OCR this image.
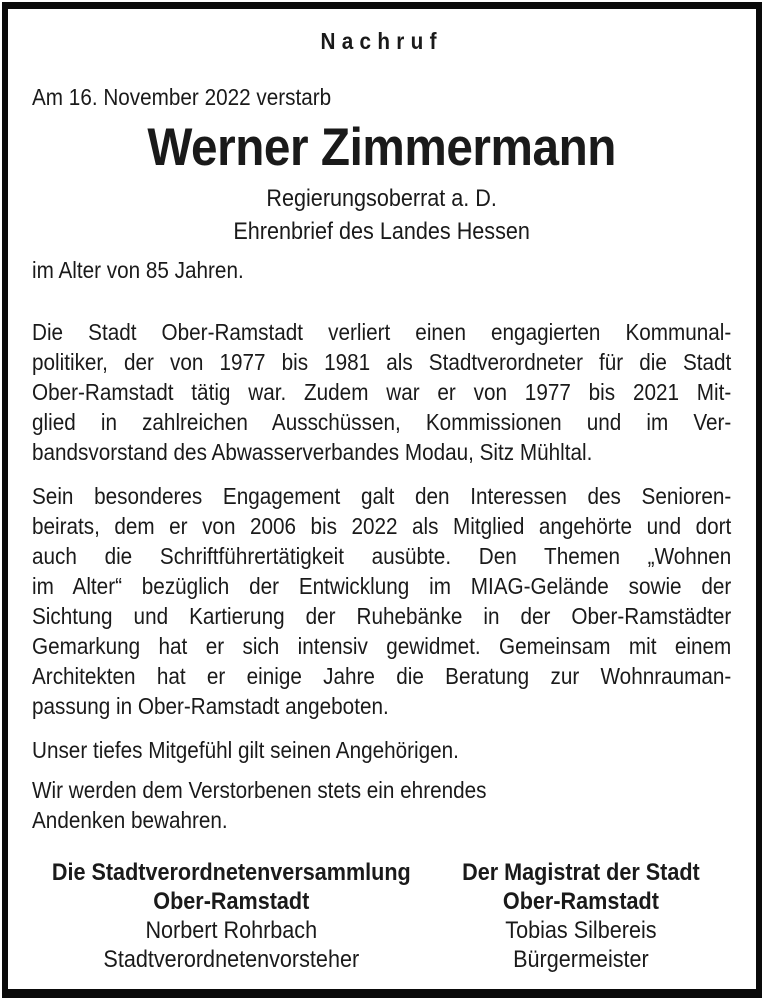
Nachruf
Am 16. November 2022 verstarb
Werner Zimmermann
Regierungsoberrat a. D.
Ehrenbrief des Landes Hessen
im Alter von 85 Jahren.

Die Stadt Ober-Ramstadt verliert einen engagierten Kommunal-
politiker, der von 1977 bis 1981 als Stadtverordneter für die Stadt
Ober-Ramstadt tätig war. Zudem war er von 1977 bis 2021 Mit-
glied in zahlreichen Ausschüssen, Kommissionen und im Ver-
bandsvorstand des Abwasserverbandes Modau, Sitz Mühltal.

Sein besonderes Engagement galt den Interessen des Senioren-
beirats, dem er von 2006 bis 2022 als Mitglied angehörte und dort
auch die Schriftführertätigkeit ausübte. Den Themen „Wohnen
im Alter“ bezüglich der Entwicklung im MIAG-Gelände sowie der
Sichtung und Kartierung der Ruhebänke in der Ober-Ramstädter
Gemarkung hat er sich intensiv gewidmet. Gemeinsam mit einem
Architekten hat er einige Jahre die Beratung zur Wohnrauman-
passung in Ober-Ramstadt angeboten.

Unser tiefes Mitgefühl gilt seinen Angehörigen.
Wir werden dem Verstorbenen stets ein ehrendes
Andenken bewahren.
Die Stadtverordnetenversammlung
Ober-Ramstadt
Norbert Rohrbach
Stadtverordnetenvorsteher
Der Magistrat der Stadt
Ober-Ramstadt
Tobias Silbereis
Bürgermeister
